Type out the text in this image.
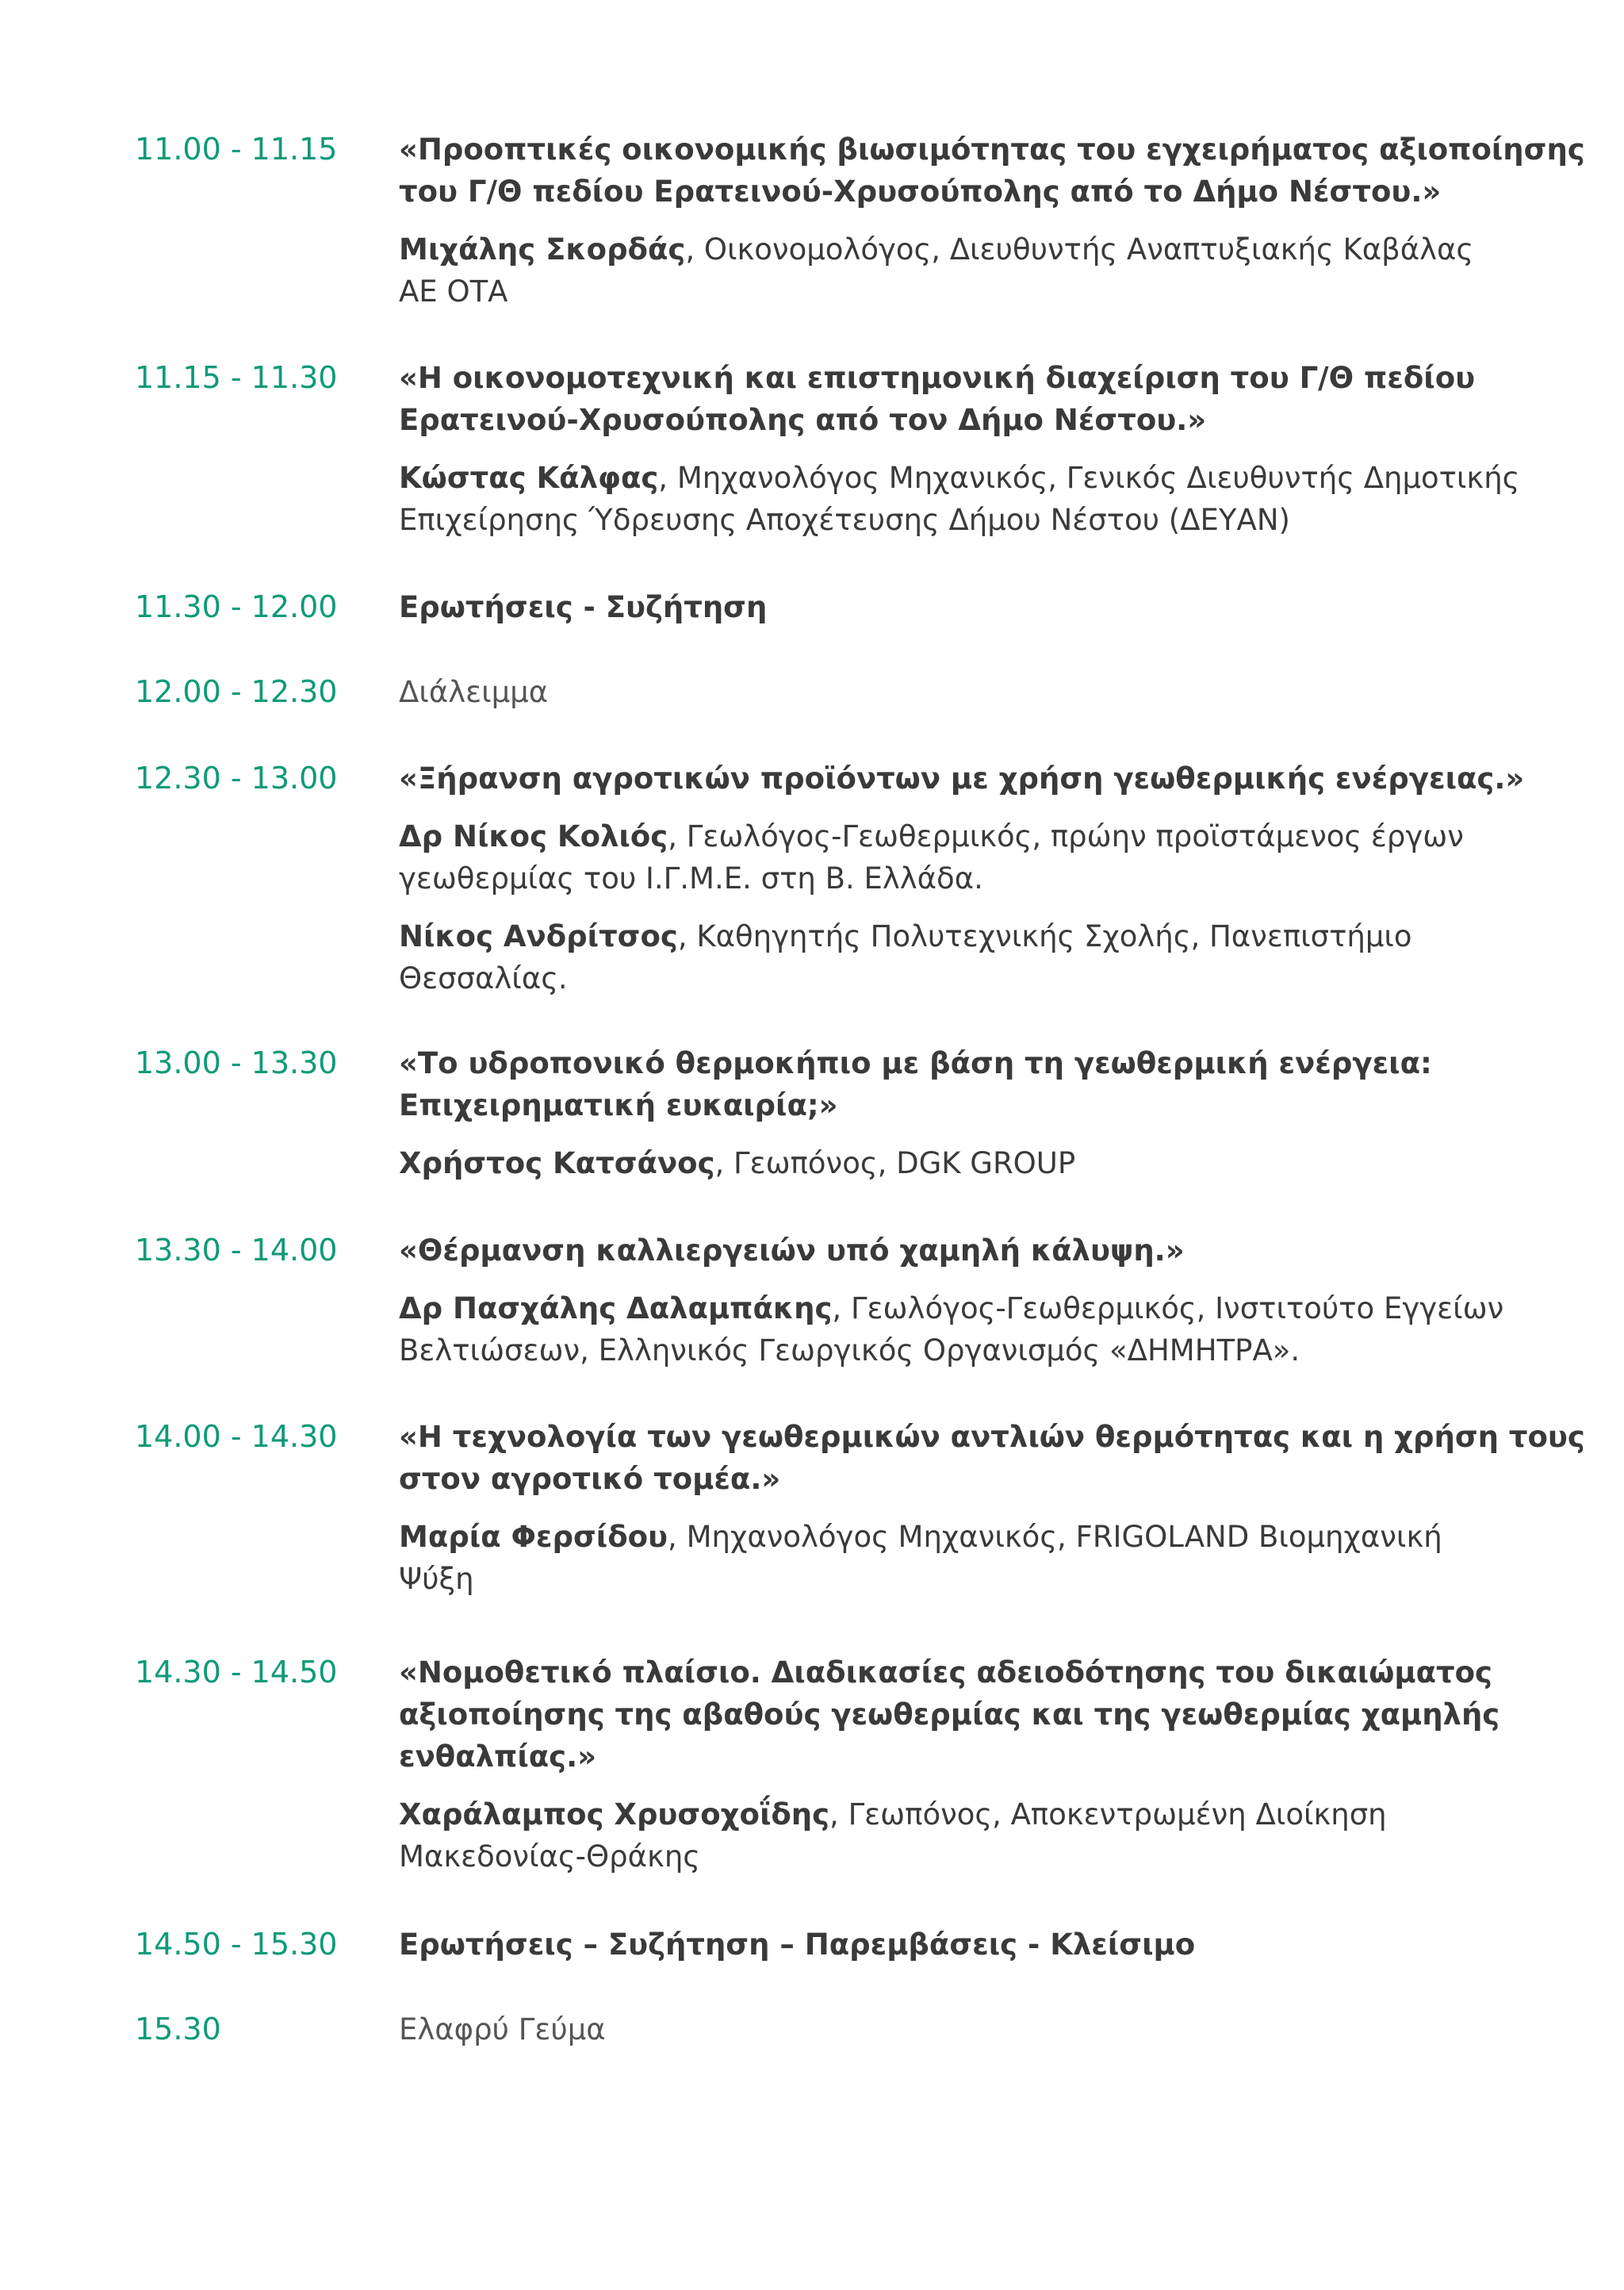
11.00 - 11.15	«Προοπτικές οικονομικής βιωσιμότητας του εγχειρήματος αξιοποίησης
του Γ/Θ πεδίου Ερατεινού-Χρυσούπολης από το Δήμο Νέστου.»

Μιχάλης Σκορδάς, Οικονομολόγος, Διευθυντής Αναπτυξιακής Καβάλας
ΑΕ ΟΤΑ

11.15 - 11.30	«Η οικονομοτεχνική και επιστημονική διαχείριση του Γ/Θ πεδίου
Ερατεινού-Χρυσούπολης από τον Δήμο Νέστου.»

Κώστας Κάλφας, Μηχανολόγος Μηχανικός, Γενικός Διευθυντής Δημοτικής
Επιχείρησης Ύδρευσης Αποχέτευσης Δήμου Νέστου (ΔΕΥΑΝ)

11.30 - 12.00	Ερωτήσεις - Συζήτηση

12.00 - 12.30	Διάλειμμα

12.30 - 13.00	«Ξήρανση αγροτικών προϊόντων με χρήση γεωθερμικής ενέργειας.»

Δρ Νίκος Κολιός, Γεωλόγος-Γεωθερμικός, πρώην προϊστάμενος έργων
γεωθερμίας του Ι.Γ.Μ.Ε. στη Β. Ελλάδα.

Νίκος Ανδρίτσος, Καθηγητής Πολυτεχνικής Σχολής, Πανεπιστήμιο
Θεσσαλίας.

13.00 - 13.30	«Το υδροπονικό θερμοκήπιο με βάση τη γεωθερμική ενέργεια:
Επιχειρηματική ευκαιρία;»

Χρήστος Κατσάνος, Γεωπόνος, DGK GROUP

13.30 - 14.00	«Θέρμανση καλλιεργειών υπό χαμηλή κάλυψη.»

Δρ Πασχάλης Δαλαμπάκης, Γεωλόγος-Γεωθερμικός, Ινστιτούτο Εγγείων
Βελτιώσεων, Ελληνικός Γεωργικός Οργανισμός «ΔΗΜΗΤΡΑ».

14.00 - 14.30	«Η τεχνολογία των γεωθερμικών αντλιών θερμότητας και η χρήση τους
στον αγροτικό τομέα.»

Μαρία Φερσίδου, Μηχανολόγος Μηχανικός, FRIGOLAND Βιομηχανική
Ψύξη

14.30 - 14.50	«Νομοθετικό πλαίσιο. Διαδικασίες αδειοδότησης του δικαιώματος
αξιοποίησης της αβαθούς γεωθερμίας και της γεωθερμίας χαμηλής
ενθαλπίας.»

Χαράλαμπος Χρυσοχοΐδης, Γεωπόνος, Αποκεντρωμένη Διοίκηση
Μακεδονίας-Θράκης

14.50 - 15.30	Ερωτήσεις – Συζήτηση – Παρεμβάσεις - Κλείσιμο

15.30	Ελαφρύ Γεύμα
